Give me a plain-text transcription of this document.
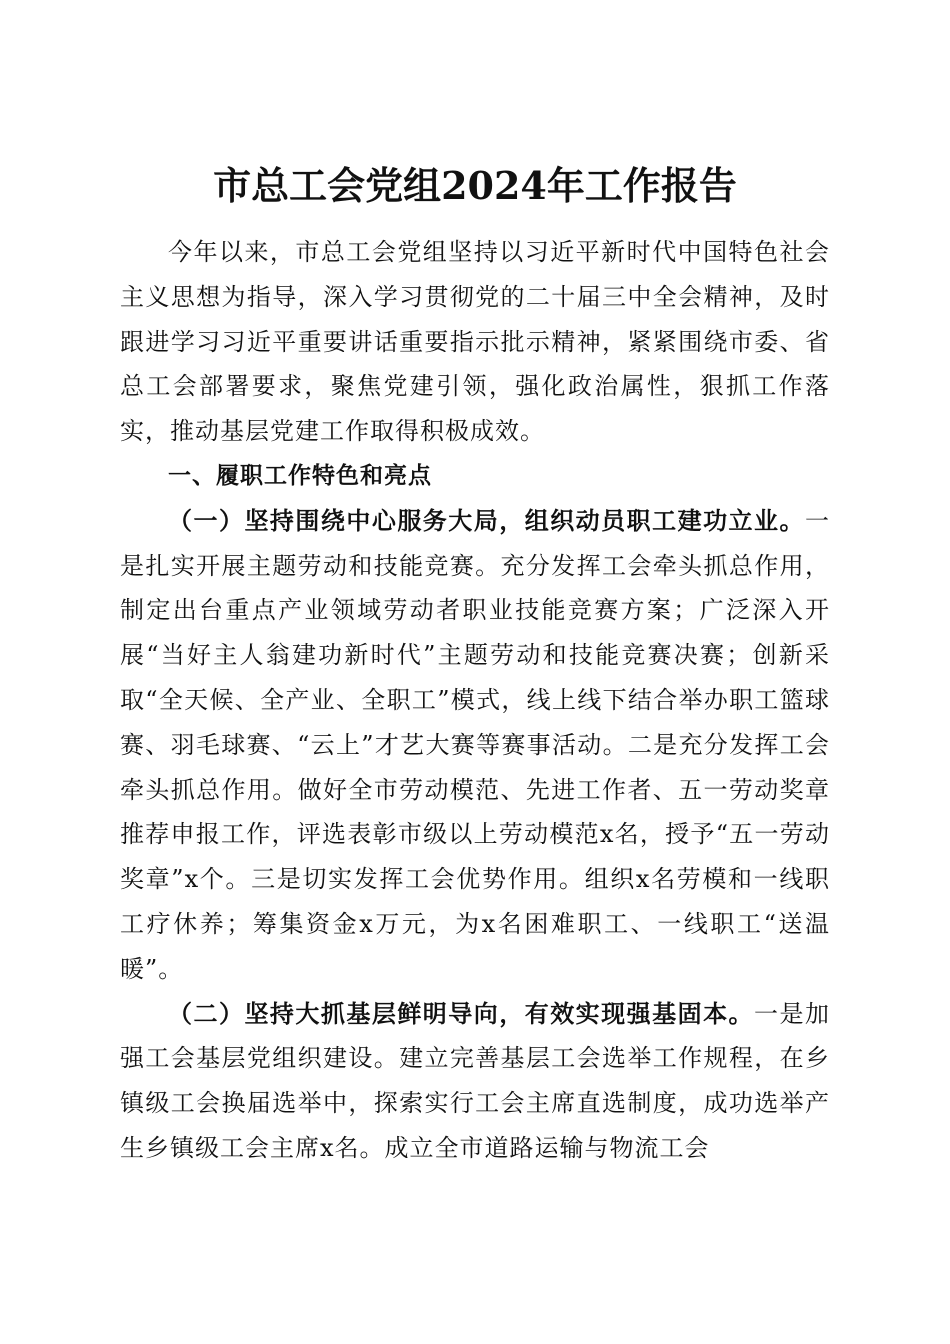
市总工会党组2024年工作报告

今年以来，市总工会党组坚持以习近平新时代中国特色社会主义思想为指导，深入学习贯彻党的二十届三中全会精神，及时跟进学习习近平重要讲话重要指示批示精神，紧紧围绕市委、省总工会部署要求，聚焦党建引领，强化政治属性，狠抓工作落实，推动基层党建工作取得积极成效。

一、履职工作特色和亮点

（一）坚持围绕中心服务大局，组织动员职工建功立业。一是扎实开展主题劳动和技能竞赛。充分发挥工会牵头抓总作用，制定出台重点产业领域劳动者职业技能竞赛方案；广泛深入开展“当好主人翁建功新时代”主题劳动和技能竞赛决赛；创新采取“全天候、全产业、全职工”模式，线上线下结合举办职工篮球赛、羽毛球赛、“云上”才艺大赛等赛事活动。二是充分发挥工会牵头抓总作用。做好全市劳动模范、先进工作者、五一劳动奖章推荐申报工作，评选表彰市级以上劳动模范x名，授予“五一劳动奖章”x个。三是切实发挥工会优势作用。组织x名劳模和一线职工疗休养；筹集资金x万元，为x名困难职工、一线职工“送温暖”。

（二）坚持大抓基层鲜明导向，有效实现强基固本。一是加强工会基层党组织建设。建立完善基层工会选举工作规程，在乡镇级工会换届选举中，探索实行工会主席直选制度，成功选举产生乡镇级工会主席x名。成立全市道路运输与物流工会
